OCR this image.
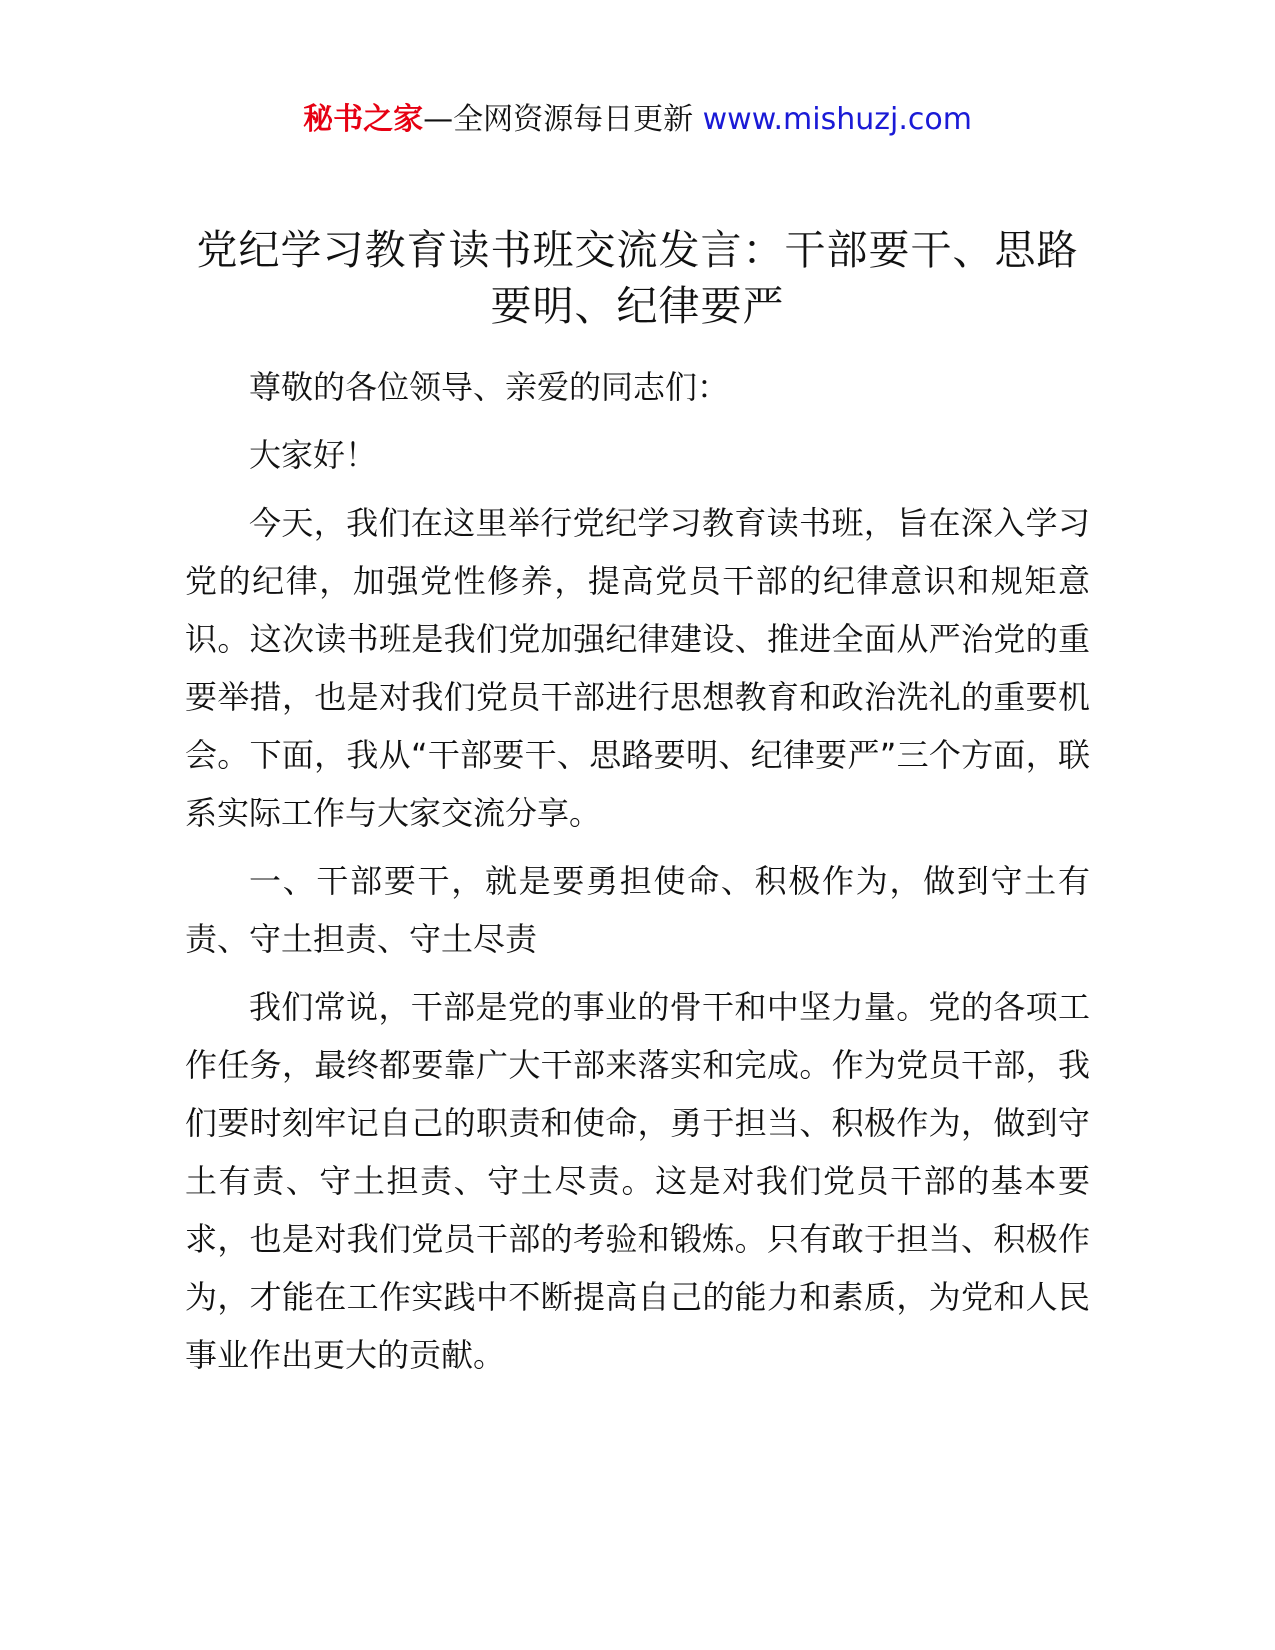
秘书之家—全网资源每日更新 www.mishuzj.com
党纪学习教育读书班交流发言：干部要干、思路要明、纪律要严

尊敬的各位领导、亲爱的同志们：

大家好！

今天，我们在这里举行党纪学习教育读书班，旨在深入学习党的纪律，加强党性修养，提高党员干部的纪律意识和规矩意识。这次读书班是我们党加强纪律建设、推进全面从严治党的重要举措，也是对我们党员干部进行思想教育和政治洗礼的重要机会。下面，我从“干部要干、思路要明、纪律要严”三个方面，联系实际工作与大家交流分享。

一、干部要干，就是要勇担使命、积极作为，做到守土有责、守土担责、守土尽责

我们常说，干部是党的事业的骨干和中坚力量。党的各项工作任务，最终都要靠广大干部来落实和完成。作为党员干部，我们要时刻牢记自己的职责和使命，勇于担当、积极作为，做到守土有责、守土担责、守土尽责。这是对我们党员干部的基本要求，也是对我们党员干部的考验和锻炼。只有敢于担当、积极作为，才能在工作实践中不断提高自己的能力和素质，为党和人民事业作出更大的贡献。
